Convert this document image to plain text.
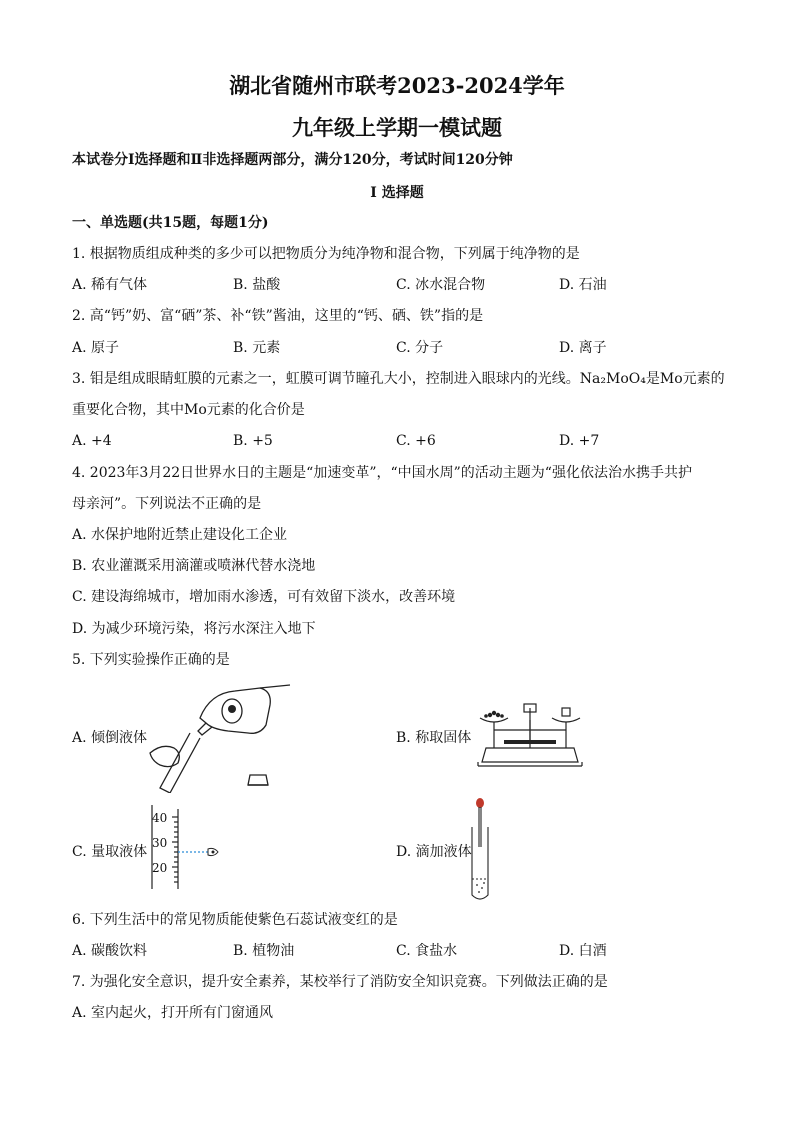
湖北省随州市联考2023-2024学年
九年级上学期一模试题
本试卷分Ⅰ选择题和Ⅱ非选择题两部分，满分120分，考试时间120分钟
Ⅰ 选择题
一、单选题(共15题，每题1分)
1. 根据物质组成种类的多少可以把物质分为纯净物和混合物，下列属于纯净物的是
A. 稀有气体	B. 盐酸	C. 冰水混合物	D. 石油
2. 高“钙”奶、富“硒”茶、补“铁”酱油，这里的“钙、硒、铁”指的是
A. 原子	B. 元素	C. 分子	D. 离子
3. 钼是组成眼睛虹膜的元素之一，虹膜可调节瞳孔大小，控制进入眼球内的光线。Na₂MoO₄是Mo元素的
重要化合物，其中Mo元素的化合价是
A. +4	B. +5	C. +6	D. +7
4. 2023年3月22日世界水日的主题是“加速变革”，“中国水周”的活动主题为“强化依法治水携手共护
母亲河”。下列说法不正确的是
A. 水保护地附近禁止建设化工企业
B. 农业灌溉采用滴灌或喷淋代替水浇地
C. 建设海绵城市，增加雨水渗透，可有效留下淡水，改善环境
D. 为减少环境污染，将污水深注入地下
5. 下列实验操作正确的是
A. 倾倒液体	B. 称取固体
40
30
20
C. 量取液体	D. 滴加液体
6. 下列生活中的常见物质能使紫色石蕊试液变红的是
A. 碳酸饮料	B. 植物油	C. 食盐水	D. 白酒
7. 为强化安全意识，提升安全素养，某校举行了消防安全知识竞赛。下列做法正确的是
A. 室内起火，打开所有门窗通风
